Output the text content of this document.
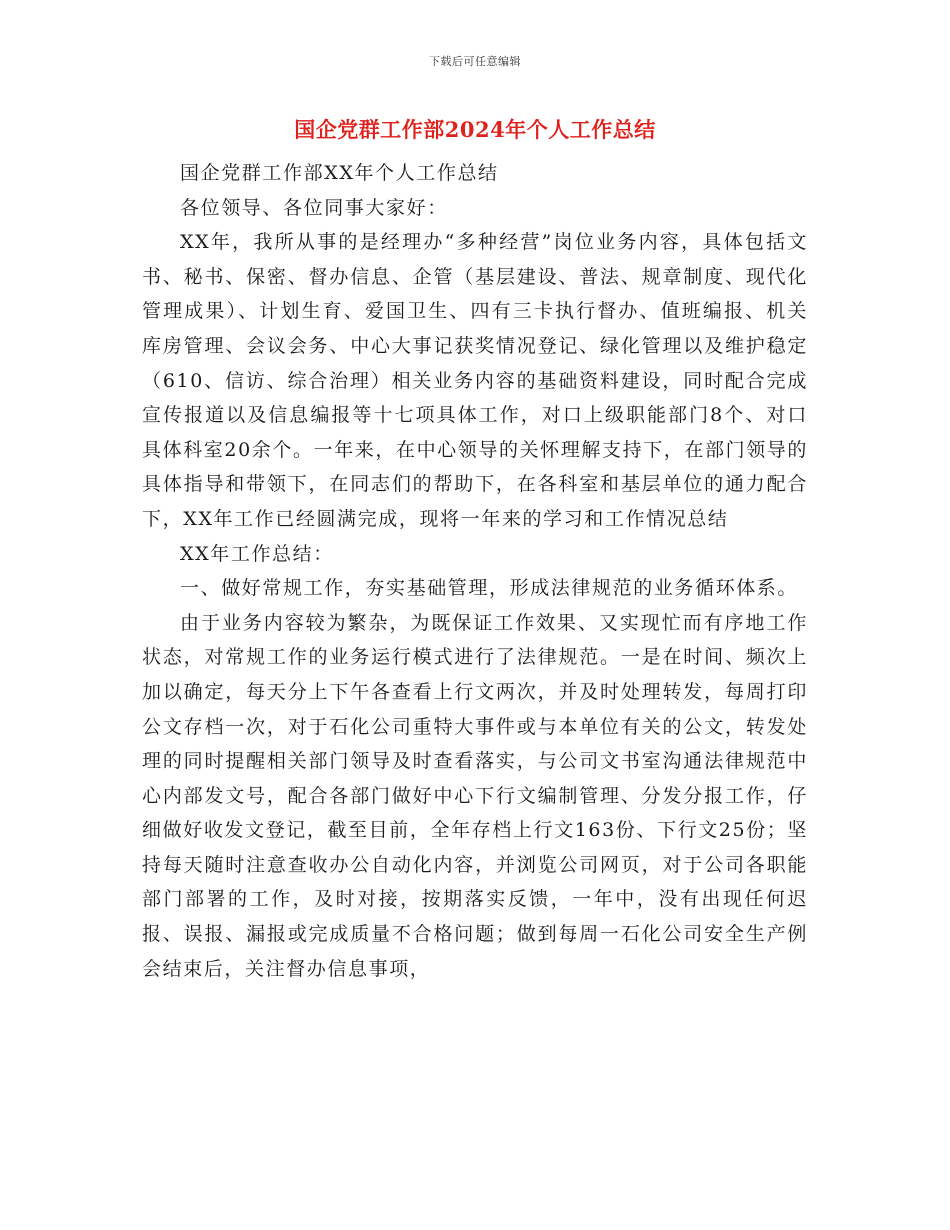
下载后可任意编辑
国企党群工作部2024年个人工作总结

国企党群工作部XX年个人工作总结

各位领导、各位同事大家好：

XX年，我所从事的是经理办“多种经营”岗位业务内容，具体包括文书、秘书、保密、督办信息、企管（基层建设、普法、规章制度、现代化管理成果）、计划生育、爱国卫生、四有三卡执行督办、值班编报、机关库房管理、会议会务、中心大事记获奖情况登记、绿化管理以及维护稳定（610、信访、综合治理）相关业务内容的基础资料建设，同时配合完成宣传报道以及信息编报等十七项具体工作，对口上级职能部门8个、对口具体科室20余个。一年来，在中心领导的关怀理解支持下，在部门领导的具体指导和带领下，在同志们的帮助下，在各科室和基层单位的通力配合下，XX年工作已经圆满完成，现将一年来的学习和工作情况总结

XX年工作总结：

一、做好常规工作，夯实基础管理，形成法律规范的业务循环体系。

由于业务内容较为繁杂，为既保证工作效果、又实现忙而有序地工作状态，对常规工作的业务运行模式进行了法律规范。一是在时间、频次上加以确定，每天分上下午各查看上行文两次，并及时处理转发，每周打印公文存档一次，对于石化公司重特大事件或与本单位有关的公文，转发处理的同时提醒相关部门领导及时查看落实，与公司文书室沟通法律规范中心内部发文号，配合各部门做好中心下行文编制管理、分发分报工作，仔细做好收发文登记，截至目前，全年存档上行文163份、下行文25份；坚持每天随时注意查收办公自动化内容，并浏览公司网页，对于公司各职能部门部署的工作，及时对接，按期落实反馈，一年中，没有出现任何迟报、误报、漏报或完成质量不合格问题；做到每周一石化公司安全生产例会结束后，关注督办信息事项，
